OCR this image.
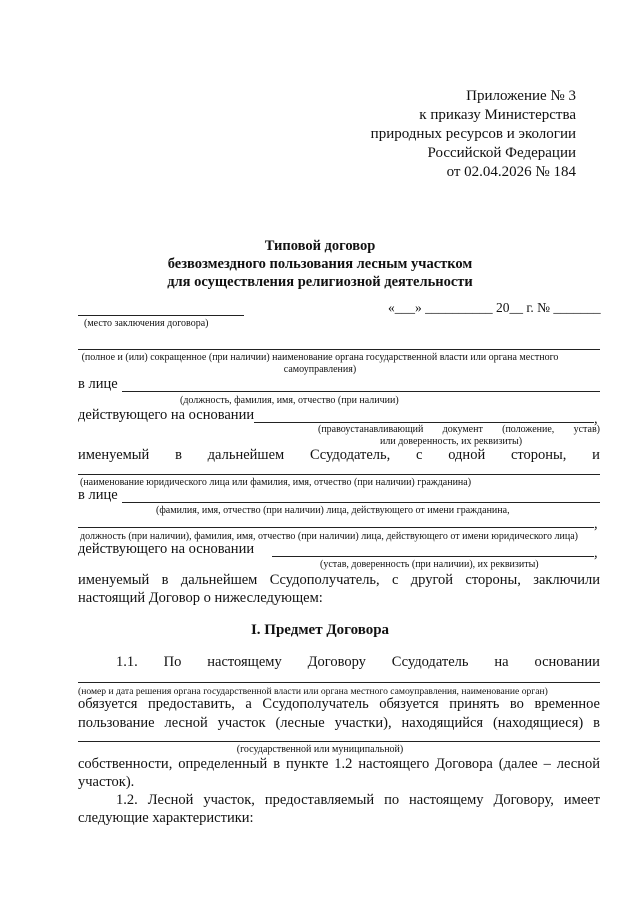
Приложение № 3
к приказу Министерства
природных ресурсов и экологии
Российской Федерации
от 02.04.2026 № 184
Типовой договор
безвозмездного пользования лесным участком
для осуществления религиозной деятельности
(место заключения договора)
«___» __________ 20__ г. № _______
(полное и (или) сокращенное (при наличии) наименование органа государственной власти или органа местного
самоуправления)
в лице
(должность, фамилия, имя, отчество (при наличии)
действующего на основании	,
(правоустанавливающий документ (положение, устав)
или доверенность, их реквизиты)
именуемый в дальнейшем Ссудодатель, с одной стороны, и
(наименование юридического лица или фамилия, имя, отчество (при наличии) гражданина)
в лице
(фамилия, имя, отчество (при наличии) лица, действующего от имени гражданина,
,
должность (при наличии), фамилия, имя, отчество (при наличии) лица, действующего от имени юридического лица)
действующего на основании	,
(устав, доверенность (при наличии), их реквизиты)
именуемый в дальнейшем Ссудополучатель, с другой стороны, заключили
настоящий Договор о нижеследующем:
I. Предмет Договора
1.1. По настоящему Договору Ссудодатель на основании
(номер и дата решения органа государственной власти или органа местного самоуправления, наименование орган)
обязуется предоставить, а Ссудополучатель обязуется принять во временное
пользование лесной участок (лесные участки), находящийся (находящиеся) в
(государственной или муниципальной)
собственности, определенный в пункте 1.2 настоящего Договора (далее – лесной
участок).
1.2. Лесной участок, предоставляемый по настоящему Договору, имеет
следующие характеристики:
